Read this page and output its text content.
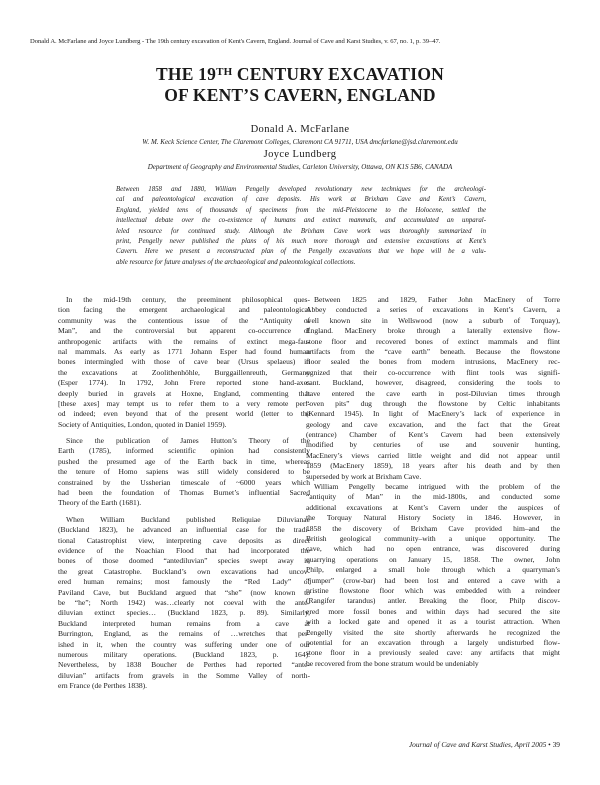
Donald A. McFarlane and Joyce Lundberg - The 19th century excavation of Kent's Cavern, England. Journal of Cave and Karst Studies, v. 67, no. 1, p. 39–47.
THE 19TH CENTURY EXCAVATION
OF KENT’S CAVERN, ENGLAND
Donald A. McFarlane
W. M. Keck Science Center, The Claremont Colleges, Claremont CA 91711, USA dmcfarlane@jsd.claremont.edu
Joyce Lundberg
Department of Geography and Environmental Studies, Carleton University, Ottawa, ON K1S 5B6, CANADA
Between 1858 and 1880, William Pengelly developed revolutionary new techniques for the archeologi-
cal and paleontological excavation of cave deposits. His work at Brixham Cave and Kent’s Cavern,
England, yielded tens of thousands of specimens from the mid-Pleistocene to the Holocene, settled the
intellectual debate over the co-existence of humans and extinct mammals, and accumulated an unparal-
leled resource for continued study. Although the Brixham Cave work was thoroughly summarized in
print, Pengelly never published the plans of his much more thorough and extensive excavations at Kent’s
Cavern. Here we present a reconstructed plan of the Pengelly excavations that we hope will be a valu-
able resource for future analyses of the archaeological and paleontological collections.
In the mid-19th century, the preeminent philosophical ques-
tion facing the emergent archaeological and paleontological
community was the contentious issue of the “Antiquity of
Man”, and the controversial but apparent co-occurrence of
anthropogenic artifacts with the remains of extinct mega-fau-
nal mammals. As early as 1771 Johann Esper had found human
bones intermingled with those of cave bear (Ursus spelaeus) in
the excavations at Zoolithenhöhle, Burggaillenreuth, Germany
(Esper 1774). In 1792, John Frere reported stone hand-axes
deeply buried in gravels at Hoxne, England, commenting that
[these axes] may tempt us to refer them to a very remote peri-
od indeed; even beyond that of the present world (letter to the
Society of Antiquities, London, quoted in Daniel 1959).
Since the publication of James Hutton’s Theory of the
Earth (1785), informed scientific opinion had consistently
pushed the presumed age of the Earth back in time, whereas
the tenure of Homo sapiens was still widely considered to be
constrained by the Ussherian timescale of ~6000 years which
had been the foundation of Thomas Burnet’s influential Sacred
Theory of the Earth (1681).
When William Buckland published Reliquiae Diluvianae
(Buckland 1823), he advanced an influential case for the tradi-
tional Catastrophist view, interpreting cave deposits as direct
evidence of the Noachian Flood that had incorporated the
bones of those doomed “antediluvian” species swept away in
the great Catastrophe. Buckland’s own excavations had uncov-
ered human remains; most famously the “Red Lady” of
Paviland Cave, but Buckland argued that “she” (now known to
be “he”; North 1942) was…clearly not coeval with the ante-
diluvian extinct species… (Buckland 1823, p. 89). Similarly,
Buckland interpreted human remains from a cave at
Burrington, England, as the remains of …wretches that per-
ished in it, when the country was suffering under one of our
numerous military operations. (Buckland 1823, p. 164).
Nevertheless, by 1838 Boucher de Perthes had reported “ante-
diluvian” artifacts from gravels in the Somme Valley of north-
ern France (de Perthes 1838).
Between 1825 and 1829, Father John MacEnery of Torre
Abbey conducted a series of excavations in Kent’s Cavern, a
well known site in Wellswood (now a suburb of Torquay),
England. MacEnery broke through a laterally extensive flow-
stone floor and recovered bones of extinct mammals and flint
artifacts from the “cave earth” beneath. Because the flowstone
floor sealed the bones from modern intrusions, MacEnery rec-
ognized that their co-occurrence with flint tools was signifi-
cant. Buckland, however, disagreed, considering the tools to
have entered the cave earth in post-Diluvian times through
“oven pits” dug through the flowstone by Celtic inhabitants
(Kennard 1945). In light of MacEnery’s lack of experience in
geology and cave excavation, and the fact that the Great
(entrance) Chamber of Kent’s Cavern had been extensively
modified by centuries of use and souvenir hunting,
MacEnery’s views carried little weight and did not appear until
1859 (MacEnery 1859), 18 years after his death and by then
superseded by work at Brixham Cave.
William Pengelly became intrigued with the problem of the
“antiquity of Man” in the mid-1800s, and conducted some
additional excavations at Kent’s Cavern under the auspices of
the Torquay Natural History Society in 1846. However, in
1858 the discovery of Brixham Cave provided him–and the
British geological community–with a unique opportunity. The
cave, which had no open entrance, was discovered during
quarrying operations on January 15, 1858. The owner, John
Philp, enlarged a small hole through which a quarryman’s
“jumper” (crow-bar) had been lost and entered a cave with a
pristine flowstone floor which was embedded with a reindeer
(Rangifer tarandus) antler. Breaking the floor, Philp discov-
ered more fossil bones and within days had secured the site
with a locked gate and opened it as a tourist attraction. When
Pengelly visited the site shortly afterwards he recognized the
potential for an excavation through a largely undisturbed flow-
stone floor in a previously sealed cave: any artifacts that might
be recovered from the bone stratum would be undeniably
Journal of Cave and Karst Studies, April 2005 • 39
